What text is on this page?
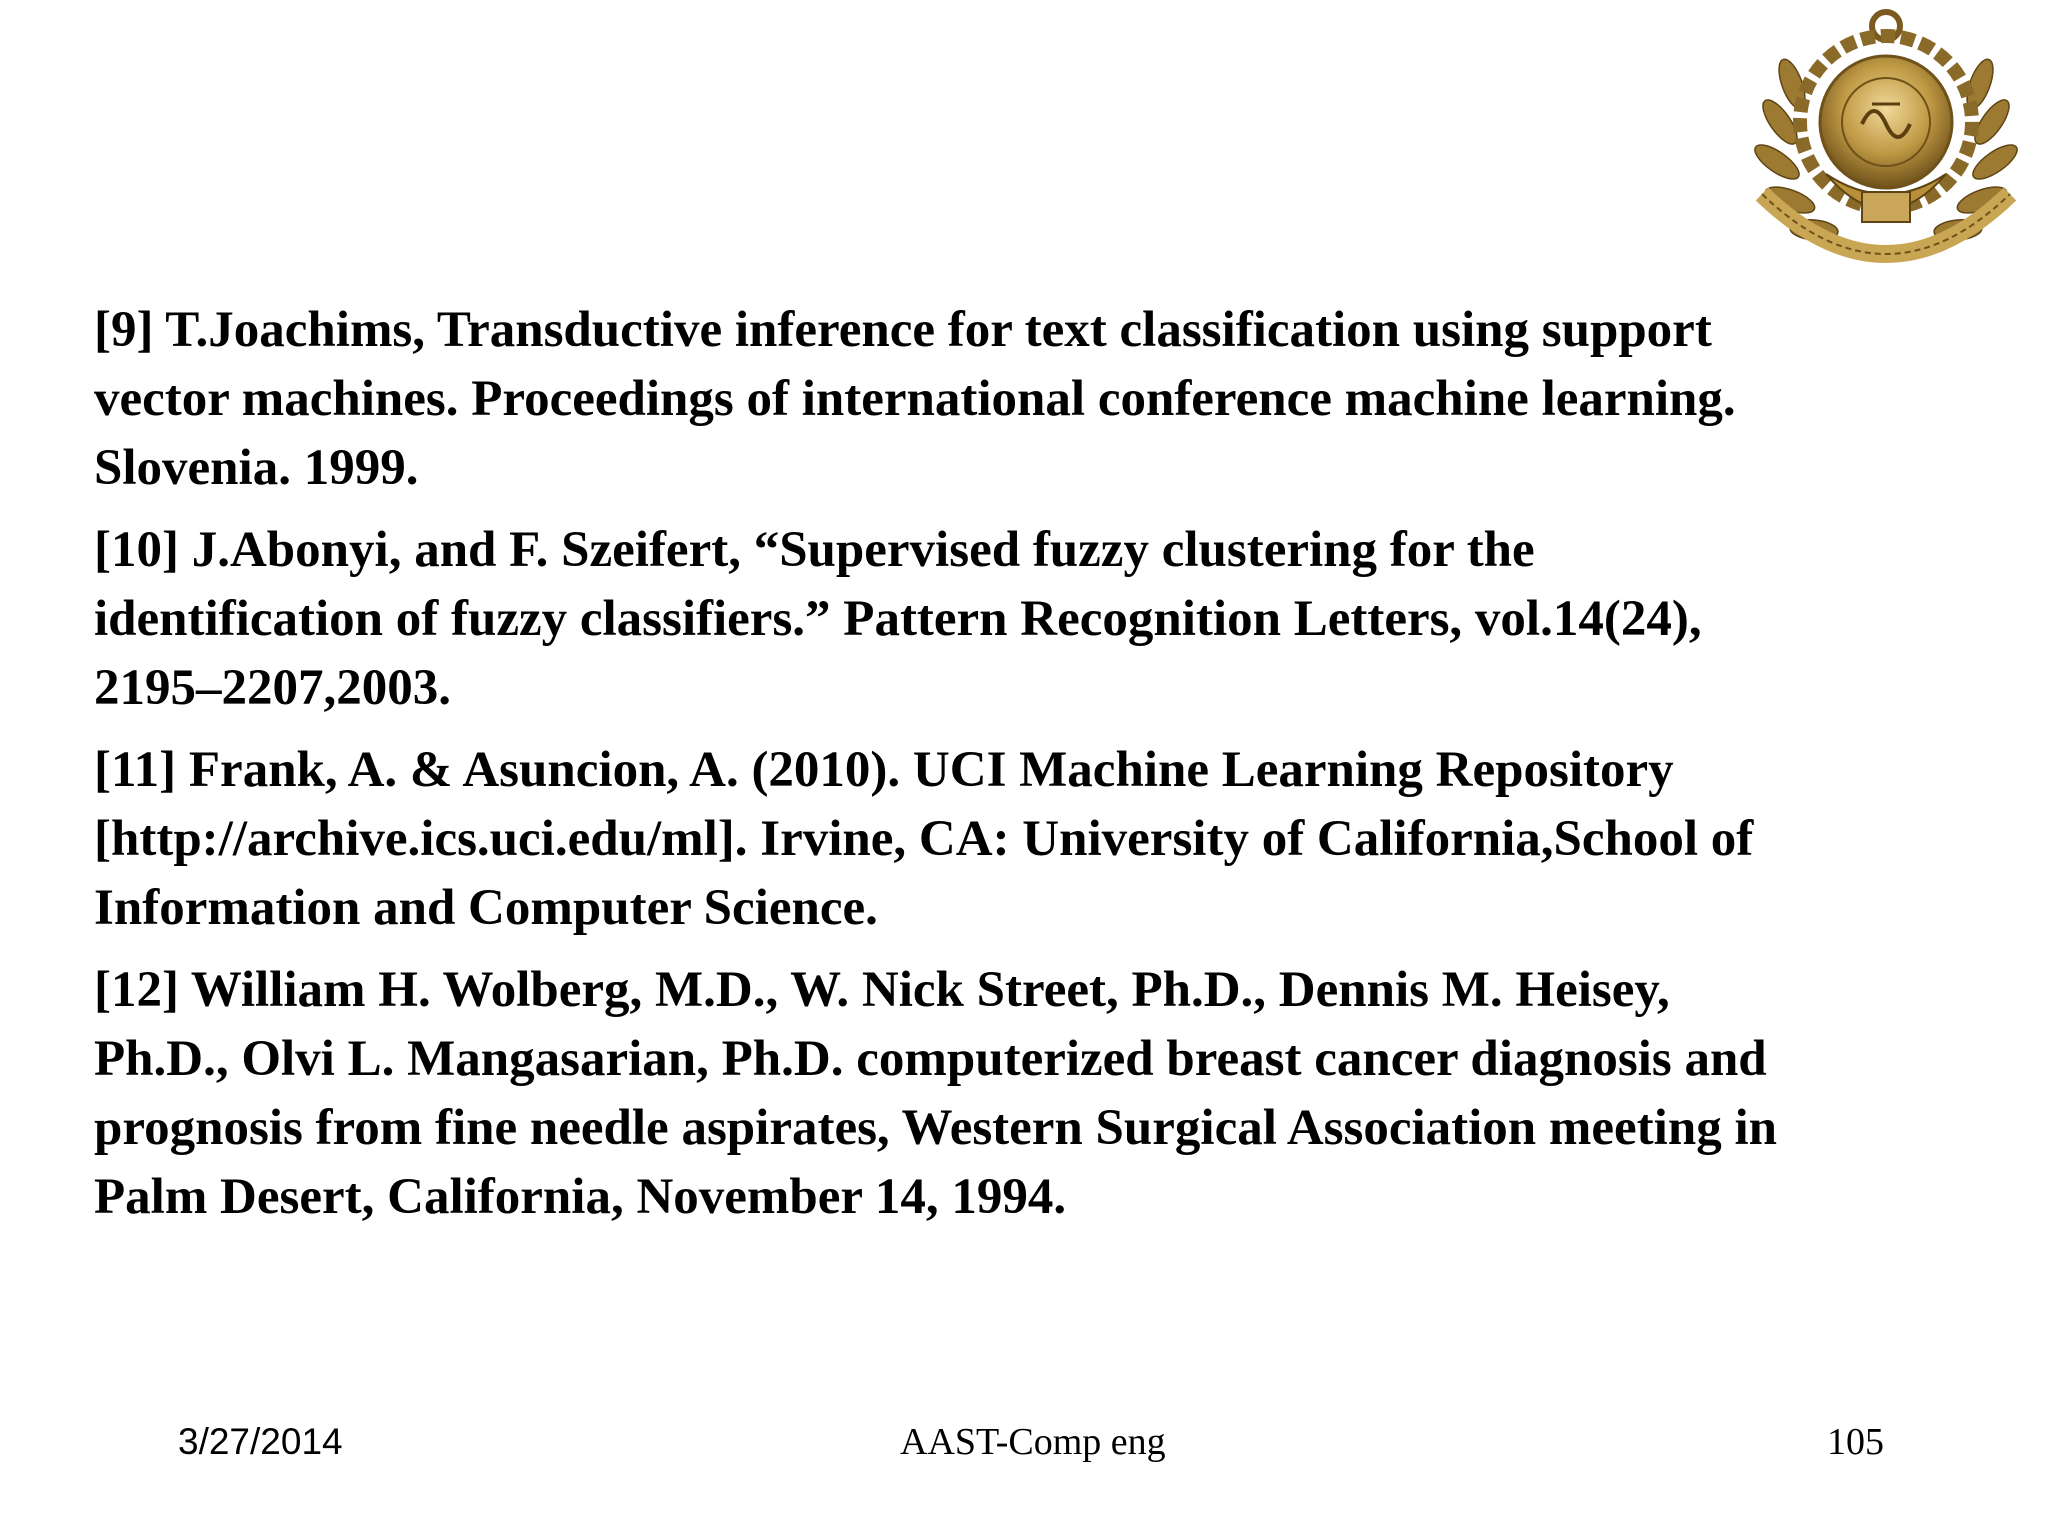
[9] T.Joachims, Transductive inference for text classification using support
vector machines. Proceedings of international conference machine learning.
Slovenia. 1999.
[10] J.Abonyi, and F. Szeifert, “Supervised fuzzy clustering for the
identification of fuzzy classifiers.” Pattern Recognition Letters, vol.14(24),
2195–2207,2003.
[11] Frank, A. & Asuncion, A. (2010). UCI Machine Learning Repository
[http://archive.ics.uci.edu/ml]. Irvine, CA: University of California,School of
Information and Computer Science.
[12] William H. Wolberg, M.D., W. Nick Street, Ph.D., Dennis M. Heisey,
Ph.D., Olvi L. Mangasarian, Ph.D. computerized breast cancer diagnosis and
prognosis from fine needle aspirates, Western Surgical Association meeting in
Palm Desert, California, November 14, 1994.
3/27/2014	AAST-Comp eng	105
